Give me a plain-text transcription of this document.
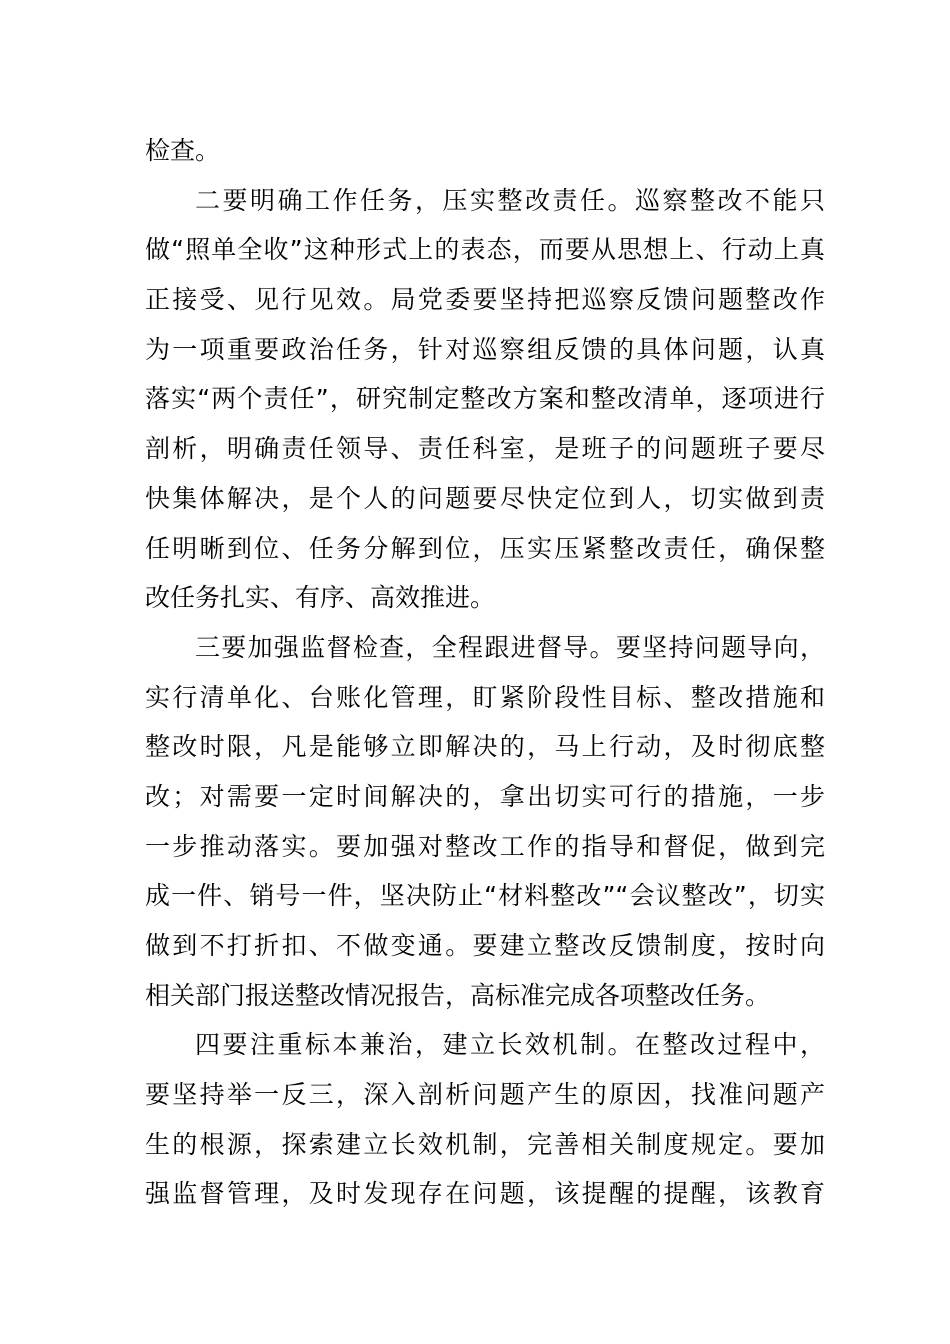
检查。
二要明确工作任务，压实整改责任。巡察整改不能只
做“照单全收”这种形式上的表态，而要从思想上、行动上真
正接受、见行见效。局党委要坚持把巡察反馈问题整改作
为一项重要政治任务，针对巡察组反馈的具体问题，认真
落实“两个责任”，研究制定整改方案和整改清单，逐项进行
剖析，明确责任领导、责任科室，是班子的问题班子要尽
快集体解决，是个人的问题要尽快定位到人，切实做到责
任明晰到位、任务分解到位，压实压紧整改责任，确保整
改任务扎实、有序、高效推进。
三要加强监督检查，全程跟进督导。要坚持问题导向，
实行清单化、台账化管理，盯紧阶段性目标、整改措施和
整改时限，凡是能够立即解决的，马上行动，及时彻底整
改；对需要一定时间解决的，拿出切实可行的措施，一步
一步推动落实。要加强对整改工作的指导和督促，做到完
成一件、销号一件，坚决防止“材料整改”“会议整改”，切实
做到不打折扣、不做变通。要建立整改反馈制度，按时向
相关部门报送整改情况报告，高标准完成各项整改任务。
四要注重标本兼治，建立长效机制。在整改过程中，
要坚持举一反三，深入剖析问题产生的原因，找准问题产
生的根源，探索建立长效机制，完善相关制度规定。要加
强监督管理，及时发现存在问题，该提醒的提醒，该教育
